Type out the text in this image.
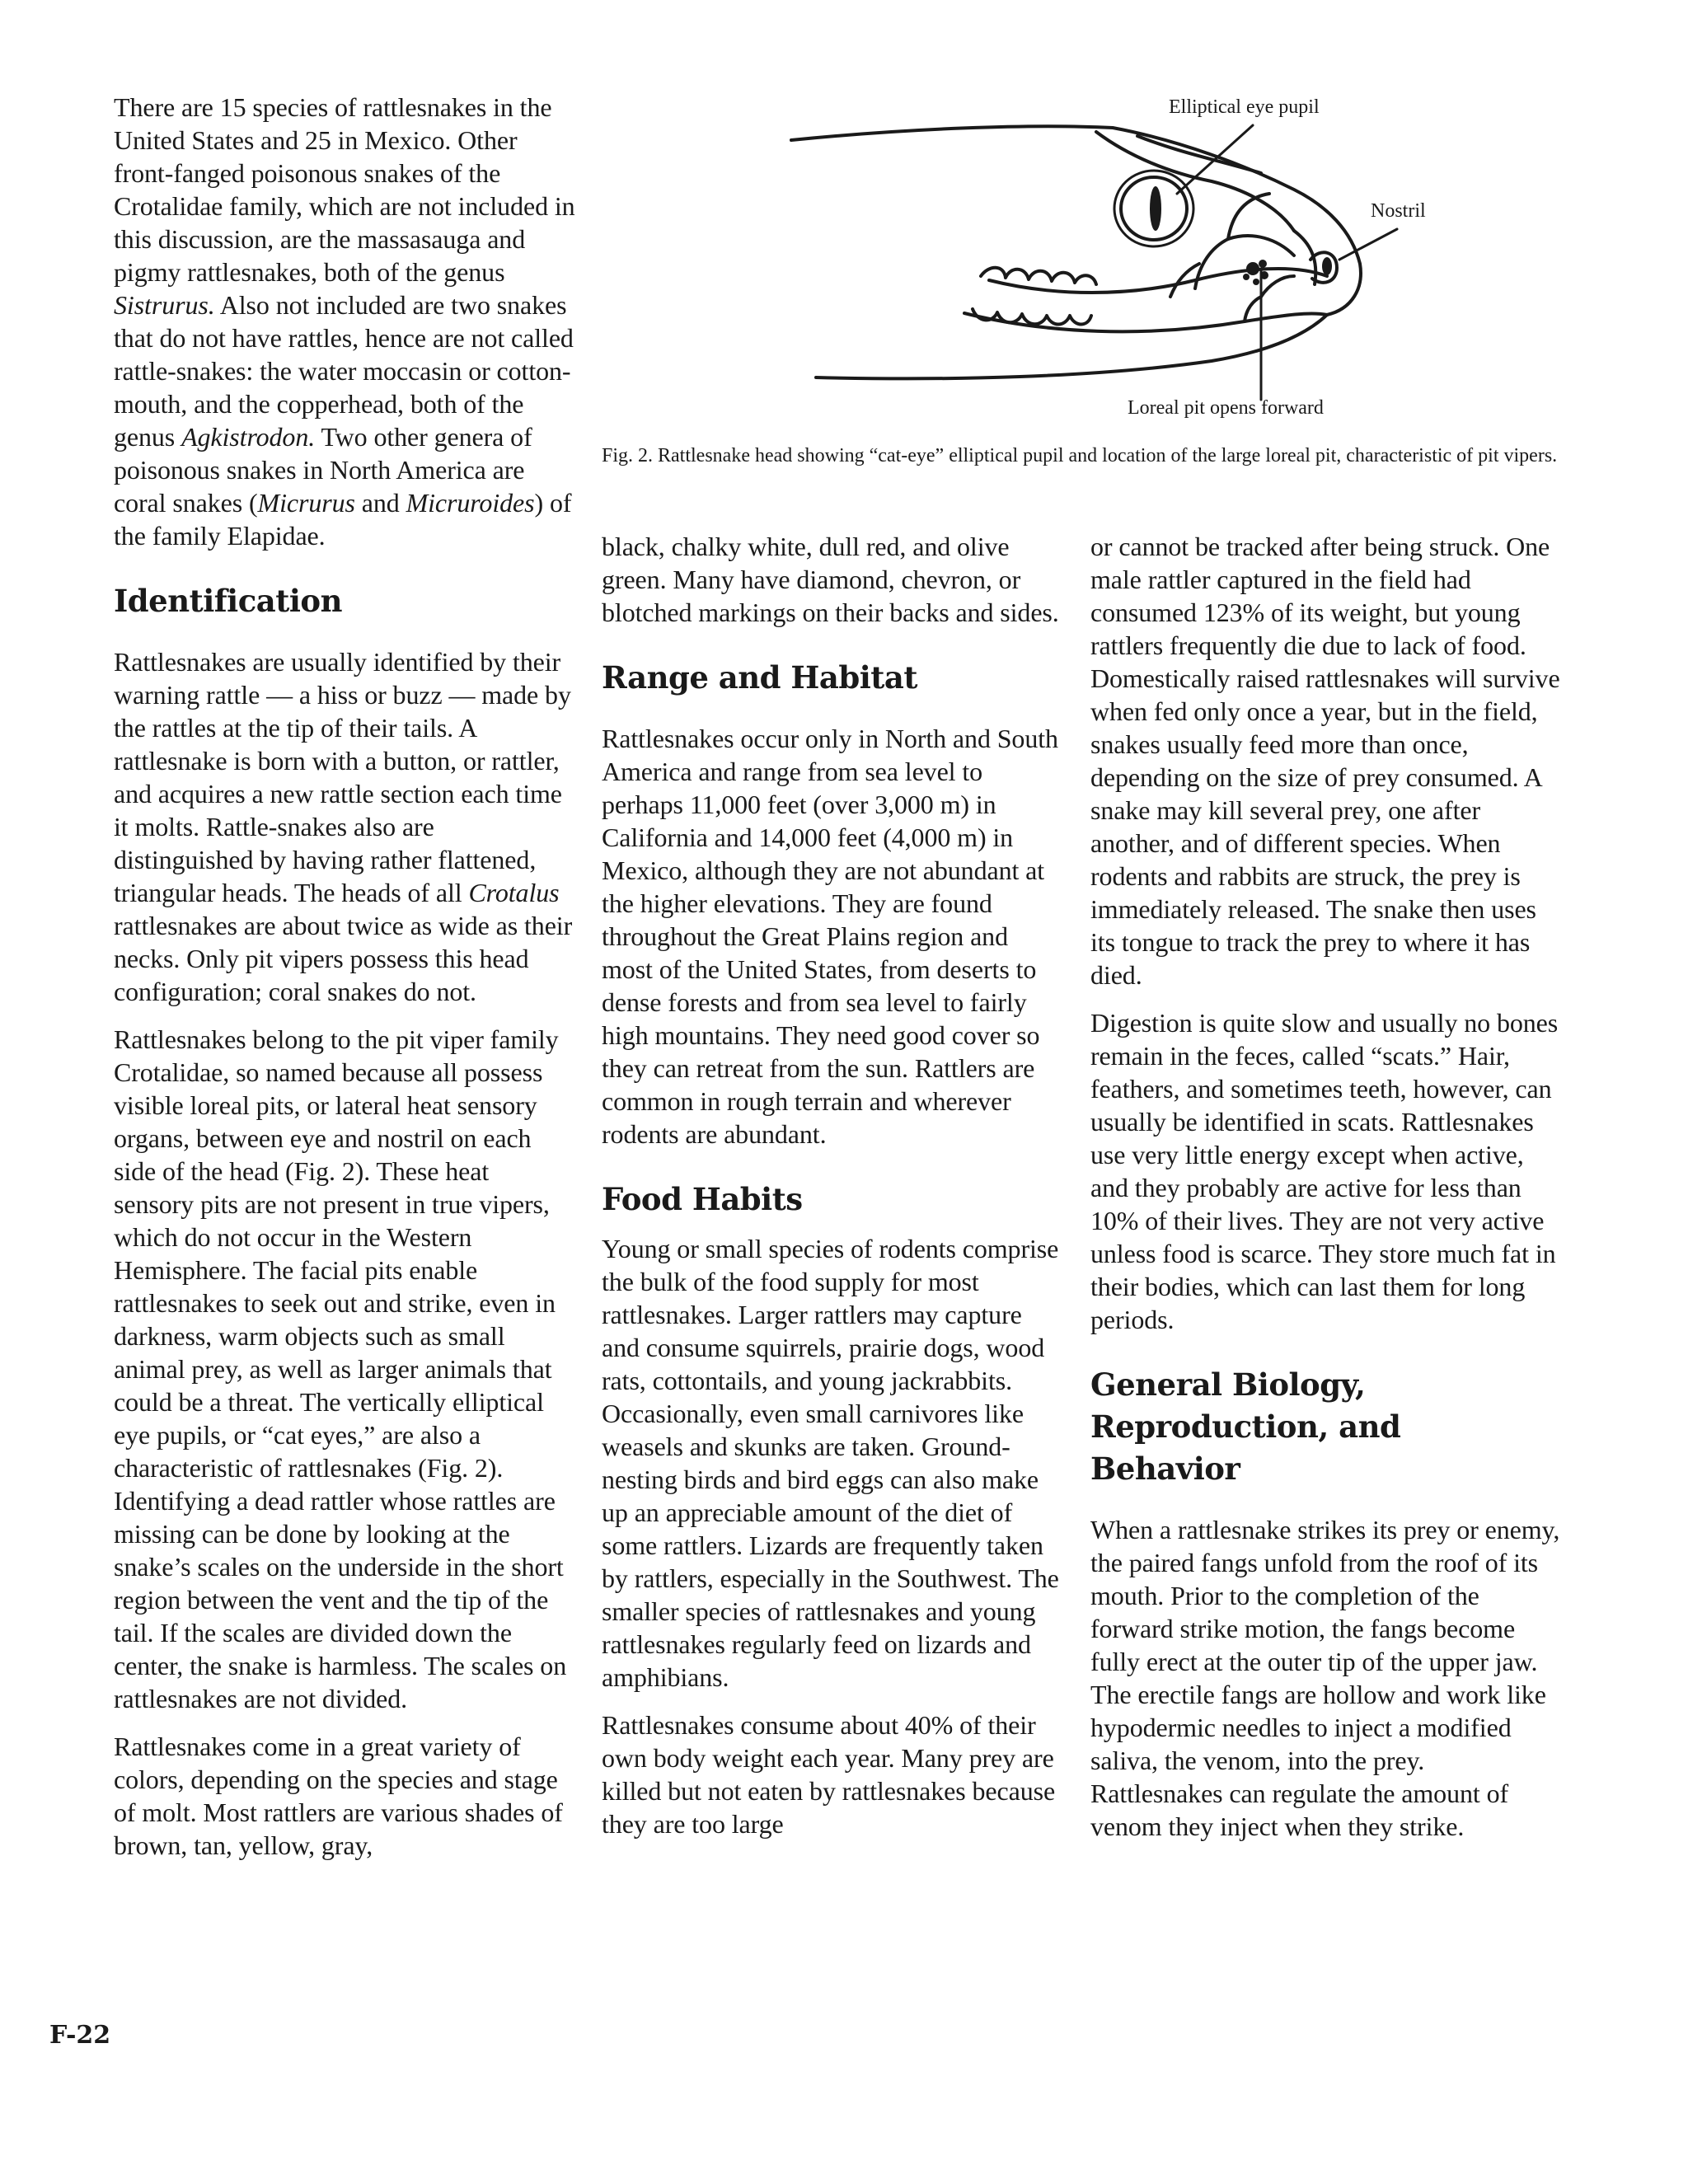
Elliptical eye pupil
Nostril
Loreal pit opens forward

Fig. 2. Rattlesnake head showing “cat-eye” elliptical pupil and location of the large loreal pit, characteristic of pit vipers.

There are 15 species of rattlesnakes in the United States and 25 in Mexico. Other front-fanged poisonous snakes of the Crotalidae family, which are not included in this discussion, are the massasauga and pigmy rattlesnakes, both of the genus Sistrurus. Also not included are two snakes that do not have rattles, hence are not called rattle-snakes: the water moccasin or cotton-mouth, and the copperhead, both of the genus Agkistrodon. Two other genera of poisonous snakes in North America are coral snakes (Micrurus and Micruroides) of the family Elapidae.

Identification

Rattlesnakes are usually identified by their warning rattle — a hiss or buzz — made by the rattles at the tip of their tails. A rattlesnake is born with a button, or rattler, and acquires a new rattle section each time it molts. Rattle-snakes also are distinguished by having rather flattened, triangular heads. The heads of all Crotalus rattlesnakes are about twice as wide as their necks. Only pit vipers possess this head configuration; coral snakes do not.

Rattlesnakes belong to the pit viper family Crotalidae, so named because all possess visible loreal pits, or lateral heat sensory organs, between eye and nostril on each side of the head (Fig. 2). These heat sensory pits are not present in true vipers, which do not occur in the Western Hemisphere. The facial pits enable rattlesnakes to seek out and strike, even in darkness, warm objects such as small animal prey, as well as larger animals that could be a threat. The vertically elliptical eye pupils, or “cat eyes,” are also a characteristic of rattlesnakes (Fig. 2). Identifying a dead rattler whose rattles are missing can be done by looking at the snake’s scales on the underside in the short region between the vent and the tip of the tail. If the scales are divided down the center, the snake is harmless. The scales on rattlesnakes are not divided.

Rattlesnakes come in a great variety of colors, depending on the species and stage of molt. Most rattlers are various shades of brown, tan, yellow, gray,

black, chalky white, dull red, and olive green. Many have diamond, chevron, or blotched markings on their backs and sides.

Range and Habitat

Rattlesnakes occur only in North and South America and range from sea level to perhaps 11,000 feet (over 3,000 m) in California and 14,000 feet (4,000 m) in Mexico, although they are not abundant at the higher elevations. They are found throughout the Great Plains region and most of the United States, from deserts to dense forests and from sea level to fairly high mountains. They need good cover so they can retreat from the sun. Rattlers are common in rough terrain and wherever rodents are abundant.

Food Habits

Young or small species of rodents comprise the bulk of the food supply for most rattlesnakes. Larger rattlers may capture and consume squirrels, prairie dogs, wood rats, cottontails, and young jackrabbits. Occasionally, even small carnivores like weasels and skunks are taken. Ground-nesting birds and bird eggs can also make up an appreciable amount of the diet of some rattlers. Lizards are frequently taken by rattlers, especially in the Southwest. The smaller species of rattlesnakes and young rattlesnakes regularly feed on lizards and amphibians.

Rattlesnakes consume about 40% of their own body weight each year. Many prey are killed but not eaten by rattlesnakes because they are too large

or cannot be tracked after being struck. One male rattler captured in the field had consumed 123% of its weight, but young rattlers frequently die due to lack of food. Domestically raised rattlesnakes will survive when fed only once a year, but in the field, snakes usually feed more than once, depending on the size of prey consumed. A snake may kill several prey, one after another, and of different species. When rodents and rabbits are struck, the prey is immediately released. The snake then uses its tongue to track the prey to where it has died.

Digestion is quite slow and usually no bones remain in the feces, called “scats.” Hair, feathers, and sometimes teeth, however, can usually be identified in scats. Rattlesnakes use very little energy except when active, and they probably are active for less than 10% of their lives. They are not very active unless food is scarce. They store much fat in their bodies, which can last them for long periods.

General Biology, Reproduction, and Behavior

When a rattlesnake strikes its prey or enemy, the paired fangs unfold from the roof of its mouth. Prior to the completion of the forward strike motion, the fangs become fully erect at the outer tip of the upper jaw. The erectile fangs are hollow and work like hypodermic needles to inject a modified saliva, the venom, into the prey. Rattlesnakes can regulate the amount of venom they inject when they strike.

F-22
